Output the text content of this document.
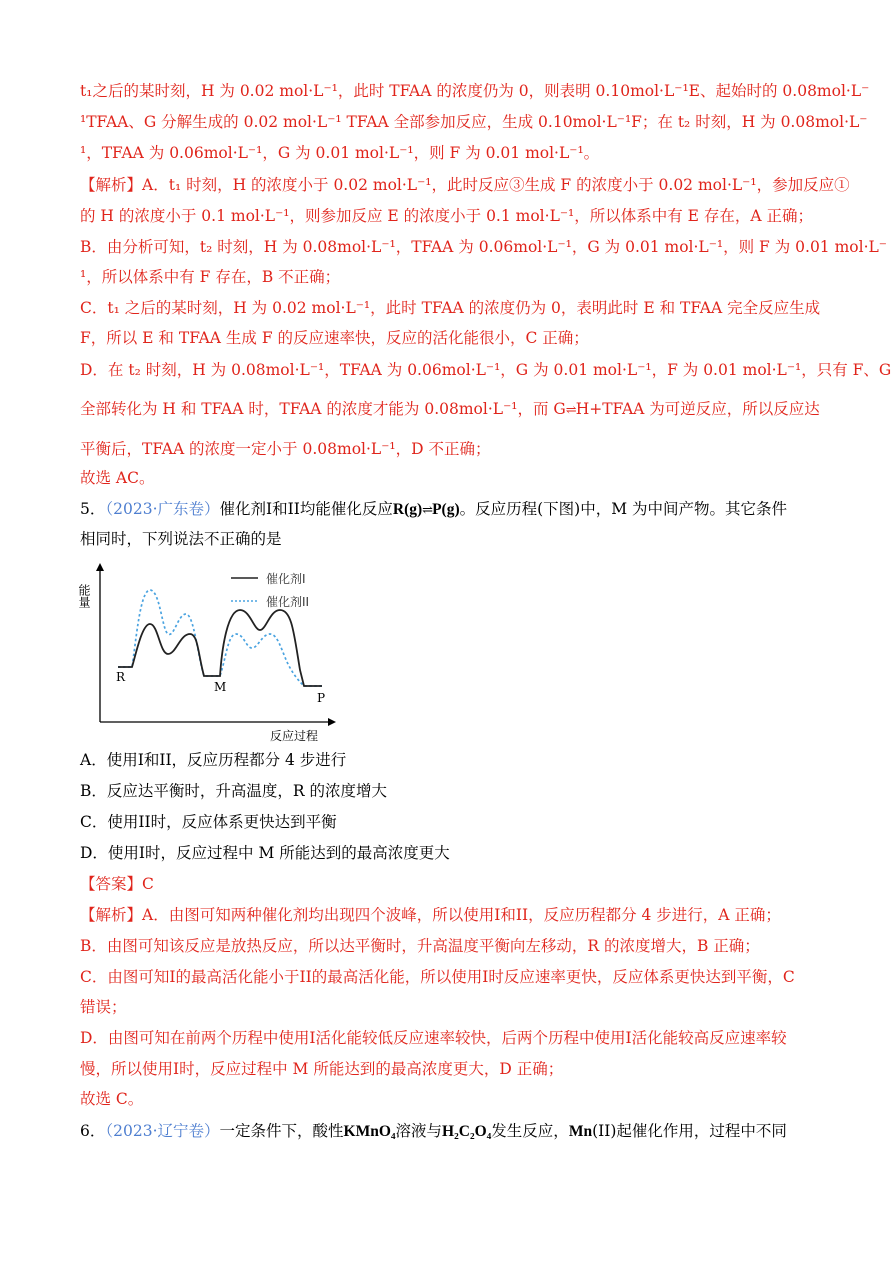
t₁之后的某时刻，H 为 0.02 mol·L⁻¹，此时 TFAA 的浓度仍为 0，则表明 0.10mol·L⁻¹E、起始时的 0.08mol·L⁻
¹TFAA、G 分解生成的 0.02 mol·L⁻¹ TFAA 全部参加反应，生成 0.10mol·L⁻¹F；在 t₂ 时刻，H 为 0.08mol·L⁻
¹，TFAA 为 0.06mol·L⁻¹，G 为 0.01 mol·L⁻¹，则 F 为 0.01 mol·L⁻¹。
【解析】A．t₁ 时刻，H 的浓度小于 0.02 mol·L⁻¹，此时反应③生成 F 的浓度小于 0.02 mol·L⁻¹，参加反应①
的 H 的浓度小于 0.1 mol·L⁻¹，则参加反应 E 的浓度小于 0.1 mol·L⁻¹，所以体系中有 E 存在，A 正确；
B．由分析可知，t₂ 时刻，H 为 0.08mol·L⁻¹，TFAA 为 0.06mol·L⁻¹，G 为 0.01 mol·L⁻¹，则 F 为 0.01 mol·L⁻
¹，所以体系中有 F 存在，B 不正确；
C．t₁ 之后的某时刻，H 为 0.02 mol·L⁻¹，此时 TFAA 的浓度仍为 0，表明此时 E 和 TFAA 完全反应生成
F，所以 E 和 TFAA 生成 F 的反应速率快，反应的活化能很小，C 正确；
D．在 t₂ 时刻，H 为 0.08mol·L⁻¹，TFAA 为 0.06mol·L⁻¹，G 为 0.01 mol·L⁻¹，F 为 0.01 mol·L⁻¹，只有 F、G
全部转化为 H 和 TFAA 时，TFAA 的浓度才能为 0.08mol·L⁻¹，而 G⇌H+TFAA 为可逆反应，所以反应达
平衡后，TFAA 的浓度一定小于 0.08mol·L⁻¹，D 不正确；
故选 AC。
5．（2023·广东卷）催化剂I和II均能催化反应R(g)⇌P(g)。反应历程(下图)中，M 为中间产物。其它条件
相同时，下列说法不正确的是
能量
催化剂I
催化剂II
R
M
P
反应过程
A．使用I和II，反应历程都分 4 步进行
B．反应达平衡时，升高温度，R 的浓度增大
C．使用II时，反应体系更快达到平衡
D．使用I时，反应过程中 M 所能达到的最高浓度更大
【答案】C
【解析】A．由图可知两种催化剂均出现四个波峰，所以使用I和II，反应历程都分 4 步进行，A 正确；
B．由图可知该反应是放热反应，所以达平衡时，升高温度平衡向左移动，R 的浓度增大，B 正确；
C．由图可知I的最高活化能小于II的最高活化能，所以使用I时反应速率更快，反应体系更快达到平衡，C
错误；
D．由图可知在前两个历程中使用I活化能较低反应速率较快，后两个历程中使用I活化能较高反应速率较
慢，所以使用I时，反应过程中 M 所能达到的最高浓度更大，D 正确；
故选 C。
6．（2023·辽宁卷）一定条件下，酸性KMnO₄溶液与H₂C₂O₄发生反应，Mn(II)起催化作用，过程中不同
